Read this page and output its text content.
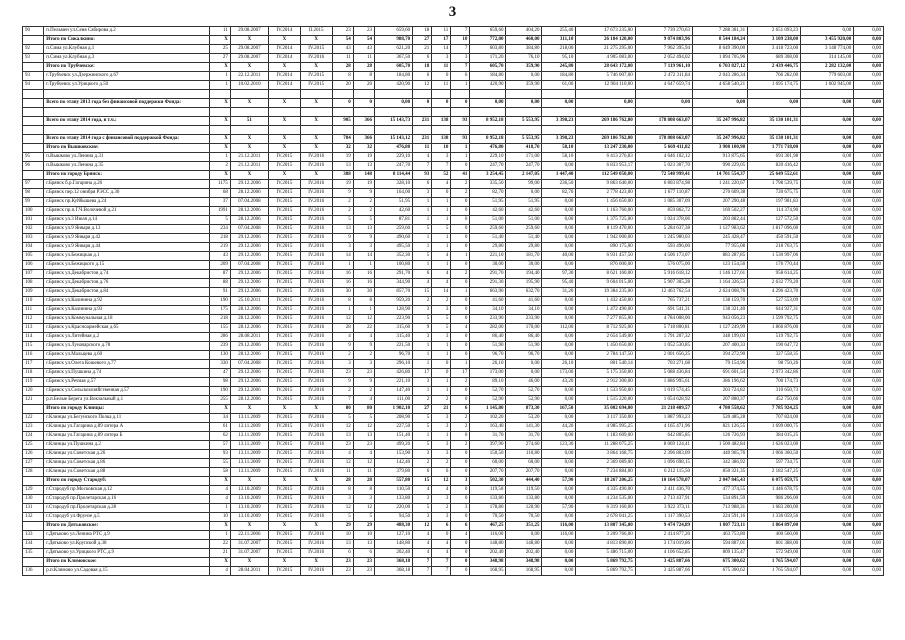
3
90	п.Пельмен ул.Сеня Сабирова д.2	11	29.08.2007	IV.2014	II.2015	23	23	659,60	18	11	7	659,60	404,20	255,40	17 673 235,00	7 739 270,63	7 288 381,31	2 651 093,23	0,00	0,00
	Итого по Сикалкино:	X	X	X	X	54	54	988,70	27	17	10	772,00	460,00	311,10	26 184 120,00	9 074 803,96	8 544 184,24	3 109 238,00	3 455 920,00	0,00
92	п.Сима ул.Клубная д.1	25	29.08.2007	IV.2014	IV.2015	43	43	621,20	21	14	7	603,80	384,80	218,00	21 275 295,00	7 962 395,94	8 649 390,00	3 418 723,00	3 148 774,00	0,00
93	п.Сима ул.Клубная д.3	27	29.08.2007	IV.2014	IV.2016	11	11	367,50	6	3	3	171,20	76,10	95,10	4 905 083,00	2 052 494,02	1 894 705,96	689 308,00	314 145,00	0,00
	Итого по Трубчевске:	X	X	X	X	28	28	605,70	18	11	7	605,70	359,90	245,80	28 643 172,00	7 119 961,10	6 703 827,12	2 439 446,75	2 282 132,00	0,00
93	г.Трубчевск ул.Дзержинского д.67	1	22.12.2011	IV.2014	IV.2015	8	8	184,80	6	0	6	184,80	0,00	184,80	5 746 007,00	2 472 311,84	2 043 286,34	766 282,00	779 603,00	0,00
94	г.Трубчевск ул.Урицкого д.50	1	10.02.2010	IV.2014	IV.2015	20	20	420,90	12	11	1	420,90	359,90	61,00	12 904 110,00	4 647 659,74	4 658 540,21	1 695 174,75	1 602 945,00	0,00

	Всего по этапу 2013 года без финансовой поддержки Фонда:	X	X	X	X	0	0	0,00	0	0	0	0,00	0,00	0,00	0,00	0,00	0,00	0,00	0,00	0,00

	Всего по этапу 2014 года, в т.ч.:	X	51	X	X	905	366	15 143,73	231	138	93	8 952,18	5 553,95	3 398,23	269 186 762,00	178 808 663,07	35 247 996,82	35 130 101,31	0,00	0,00

	Всего по этапу 2014 года с финансовой поддержкой Фонда:	X	X	X	X	784	366	15 143,12	231	138	93	8 952,18	5 553,95	3 398,23	269 186 762,00	178 808 663,07	35 247 996,82	35 130 101,31	0,00	0,00
	Итого по Вышковские:	X	X	X	X	32	32	476,80	11	10	1	476,80	418,70	58,10	13 247 230,00	5 669 411,82	3 908 100,98	1 771 718,00	0,00	0,00
95	п.Вышково ул.Ленина д.31	1	21.12.2011	IV.2015	IV.2016	19	19	229,10	4	3	1	229,10	171,00	58,10	6 413 276,83	4 646 102,12	913 875,65	693 301,98	0,00	0,00
96	п.Вышково ул.Ленина д.35	2	21.12.2011	IV.2015	IV.2016	13	13	247,70	7	7	0	247,70	247,70	0,00	6 833 953,17	5 023 307,70	990 229,05	820 416,42	0,00	0,00
	Итого по городу Брянск:	X	X	X	X	388	148	8 114,44	93	52	41	3 254,45	2 147,05	1 447,40	112 549 050,00	72 548 999,41	14 701 554,37	25 649 552,61	0,00	0,00
97	г.Брянск б.р.Гагарина д.26	1175	29.12.2006	IV.2015	IV.2016	19	19	328,10	6	4	2	335,50	99,00	236,50	9 863 640,00	6 803 874,98	1 241 220,67	1 798 539,75	0,00	0,00
98	г.Брянск пер.12 онибря РЭСС д.30	68	28.12.2006	IV.2015	IV.2016	9	9	164,00	3	0	2	82,70	0,00	82,70	2 778 423,00	1 677 110,87	270 609,38	720 675,75	0,00	0,00
99	г.Брянск пр.Куйбышева д.24	37	07.04.2008	IV.2015	IV.2016	2	2	51,95	1	1	0	51,95	51,95	0,00	1 456 650,00	1 085 307,09	207 290,48	197 981,83	0,00	0,00
100	г.Брянск пр.п.Г.Ч.Волочевой д.21	1991	28.12.2006	IV.2015	IV.2016	2	2	42,60	1	1	0	42,60	42,60	0,00	1 163 760,00	859 862,72	169 502,27	114 374,90	0,00	0,00
101	г.Брянск ул.3 Июля д.14	5	28.12.2006	IV.2015	IV.2016	5	5	87,81	1	1	0	51,00	51,00	0,00	1 375 725,00	1 024 378,06	203 882,44	127 572,50	0,00	0,00
102	г.Брянск ул.9 Января д.13	234	07.04.2008	IV.2015	IV.2016	13	13	259,60	5	5	0	259,60	259,60	0,00	8 119 470,00	5 284 637,38	1 127 983,62	1 817 096,00	0,00	0,00
103	г.Брянск ул.9 Января д.42	218	29.12.2006	IV.2015	IV.2016	9	9	490,60	1	1	0	51,40	51,40	0,00	1 942 000,00	1 245 980,03	245 428,47	450 591,50	0,00	0,00
104	г.Брянск ул.9 Января д.44	219	29.12.2006	IV.2015	IV.2016	3	3	495,50	1	1	0	29,80	29,80	0,00	890 175,00	593 496,00	77 955,08	218 763,75	0,00	0,00
105	г.Брянск ул.Бежицкая д.1	43	29.12.2006	IV.2015	IV.2016	14	14	352,30	5	4	1	221,10	181,70	40,00	6 931 457,50	4 506 173,07	883 287,85	1 530 997,06	0,00	0,00
106	г.Брянск ул.Бежицкого д.15	209	07.04.2008	IV.2015	IV.2016	1	1	100,80	1	1	0	30,00	30,00	0,00	876 000,00	576 075,00	123 154,56	176 770,44	0,00	0,00
107	г.Брянск ул.Декабристов д.74	87	29.12.2006	IV.2015	IV.2016	16	16	291,70	6	4	2	291,70	194,40	97,30	8 621 160,00	5 916 618,12	1 146 127,61	958 614,25	0,00	0,00
108	г.Брянск ул.Декабристов д.76	88	29.12.2006	IV.2015	IV.2016	16	16	344,90	4	4	0	291,30	195,90	95,40	9 604 015,00	5 907 305,28	1 164 326,53	2 632 779,20	0,00	0,00
109	г.Брянск ул.Декабристов д.84	91	29.12.2006	IV.2015	IV.2016	30	30	857,70	15	14	1	663,90	632,70	31,20	19 384 235,00	12 463 762,54	2 624 008,76	4 296 423,70	0,00	0,00
110	г.Брянск ул.Калинина д.92	190	25.10.2011	IV.2015	IV.2016	8	8	959,20	2	2	0	41,60	41,60	0,00	1 432 450,00	765 737,21	138 159,70	527 553,09	0,00	0,00
111	г.Брянск ул.Калинина д.93	175	28.12.2006	IV.2015	IV.2016	1	1	128,90	3	3	0	34,10	34,10	0,00	1 472 490,00	691 541,31	138 321,40	644 927,31	0,00	0,00
112	г.Брянск ул.Коммунальная д.18	218	28.12.2006	IV.2015	IV.2016	12	12	223,90	5	5	0	233,90	233,90	0,00	7 277 855,00	4 784 008,00	943 056,23	1 599 792,75	0,00	0,00
113	г.Брянск ул.Красноармейская д.65	155	28.12.2006	IV.2015	IV.2016	28	22	315,60	9	5	4	282,00	170,00	112,00	8 712 925,00	5 718 800,81	1 127 249,99	1 866 876,00	0,00	0,00
114	г.Брянск ул.Литейная д.2	286	28.08.2011	IV.2015	IV.2016	4	4	315,40	3	3	0	86,40	86,40	0,00	2 654 549,00	1 791 207,32	348 199,03	519 792,75	0,00	0,00
115	г.Брянск ул.Луначарского д.78	239	29.12.2006	IV.2015	IV.2016	9	9	221,50	1	1	0	51,90	51,90	0,00	1 450 650,00	1 052 530,85	207 400,33	190 647,72	0,00	0,00
116	г.Брянск ул.Мальцева д.60	130	28.12.2006	IV.2015	IV.2016	2	2	96,70	1	1	0	96,70	96,70	0,00	2 784 147,50	2 001 656,25	394 272,90	327 558,35	0,00	0,00
117	г.Брянск ул.Олега Кошевого д.77	330	07.04.2008	IV.2015	IV.2016	3	3	296,10	1	0	1	26,10	0,00	26,10	801 540,14	703 271,68	79 154,96	98 750,26	0,00	0,00
118	г.Брянск ул.Пушкина д.74	47	29.12.2006	IV.2015	IV.2016	23	23	426,80	17	0	17	173,00	0,00	173,00	5 175 350,00	5 088 436,84	691 601,54	2 973 342,86	0,00	0,00
119	г.Брянск ул.Речная д.57	98	29.12.2006	IV.2015	IV.2016	9	9	221,10	3	1	2	89,10	46,00	43,20	2 912 300,00	1 886 995,61	386 196,62	700 174,73	0,00	0,00
120	г.Брянск ул.Сельскохозяйственная д.57	190	29.12.2006	IV.2015	IV.2016	2	2	147,40	1	1	0	52,70	52,70	0,00	1 533 950,00	1 019 574,45	203 724,82	310 650,73	0,00	0,00
121	р.п.Белые Берега ул.Вокзальный д.1	255	28.12.2006	IV.2015	IV.2016	7	4	111,00	2	2	0	52,90	52,90	0,00	1 515 220,00	1 054 628,92	207 880,37	452 750,66	0,00	0,00
	Итого по городу Клинцы:	X	X	X	X	80	80	1 902,10	27	21	6	1 145,80	873,30	167,50	35 002 694,00	21 218 409,57	4 780 558,62	7 785 924,25	0,00	0,00
122	г.Клинцы ул.Бегунского Полка д.11	34	13.11.2009	IV.2015	IV.2016	5	5	208,90	5	3	2	102,20	53,20	0,00	3 117 350,00	1 887 993,23	520 485,28	707 824,00	0,00	0,00
123	г.Клинцы ул.Гагарина д.89 литера А	61	13.11.2009	IV.2015	IV.2016	12	12	227,50	5	3	2	163,40	141,30	44,20	4 985 995,25	4 165 471,96	821 126,55	1 699 000,75	0,00	0,00
124	г.Клинцы ул.Гагарина д.89 литера Б	62	13.11.2009	IV.2015	IV.2016	13	13	151,40	1	1	0	31,70	31,70	0,00	1 183 609,00	642 805,85	126 726,93	384 015,25	0,00	0,00
125	г.Клинцы ул.Пушкина д.2	57	13.11.2009	IV.2015	IV.2016	23	23	499,20	5	3	2	397,90	274,60	123,30	11 288 075,25	8 069 124,41	1 500 482,84	1 626 023,00	0,00	0,00
126	г.Клинцы ул.Советская д.26	93	13.11.2009	IV.2015	IV.2016	4	4	153,90	3	3	0	150,50	110,80	0,00	3 864 168,75	2 396 803,09	440 965,76	1 066 360,50	0,00	0,00
127	г.Клинцы ул.Советская д.86	55	13.11.2009	IV.2015	IV.2016	12	12	142,40	2	2	0	60,00	60,00	0,00	2 369 089,00	1 096 698,15	342 386,92	597 734,75	0,00	0,00
128	г.Клинцы ул.Советская д.88	58	13.11.2009	IV.2015	IV.2016	11	11	379,80	6	6	0	207,70	207,70	0,00	7 234 884,00	6 212 115,50	850 321,35	2 182 547,25	0,00	0,00
	Итого по городу Стародуб:	X	X	X	X	28	28	557,80	15	12	3	502,30	444,40	57,90	18 267 206,25	10 164 578,07	2 047 845,43	6 075 059,75	0,00	0,00
129	г.Стародуб пр.Московская д.12	4	13.10.2009	IV.2015	IV.2016	8	8	110,50	4	4	0	119,50	119,50	0,00	4 335 490,00	2 411 436,70	477 374,55	1 446 678,75	0,00	0,00
130	г.Стародуб пр.Пролетарская д.16	4	13.10.2009	IV.2015	IV.2016	3	3	133,80	3	3	0	133,80	133,80	0,00	4 234 535,00	2 713 437,91	534 891,59	986 206,00	0,00	0,00
131	г.Стародуб пр.Пролетарская д.28	1	13.10.2009	IV.2015	IV.2016	12	12	220,00	5	2	3	178,80	120,90	57,90	6 319 160,00	3 922 373,11	713 988,31	1 683 200,00	0,00	0,00
132	г.Стародуб ул.Фрунзе д.5	10	13.10.2009	IV.2015	IV.2016	5	5	94,50	3	3	0	70,50	70,50	0,00	2 678 041,25	1 117 390,53	224 591,16	1 336 059,56	0,00	0,00
	Итого по Дятьковское:	X	X	X	X	29	29	488,30	12	6	6	467,25	351,25	116,00	13 807 345,00	9 474 724,89	1 807 723,11	1 864 897,00	0,00	0,00
133	г.Дятьково ул.Ленина РТС д.9	1	22.11.2006	IV.2015	IV.2016	10	10	127,10	4	0	4	116,00	0,00	116,00	3 209 766,00	2 414 877,20	463 753,80	400 560,00	0,00	0,00
134	г.Дятьково ул.Крупской д.38	22	31.07.2007	IV.2015	IV.2016	13	13	148,80	4	4	0	148,80	148,80	0,00	4 813 890,00	3 174 019,86	594 887,01	801 388,00	0,00	0,00
135	г.Дятьково ул.Урицкого РТС д.9	21	31.07.2007	IV.2015	IV.2016	6	6	202,40	4	4	0	202,40	202,40	0,00	5 486 715,00	4 106 652,85	809 135,47	572 949,00	0,00	0,00
	Итого по Климовское:	X	X	X	X	23	23	368,18	7	7	0	348,98	348,98	0,00	5 869 792,75	3 425 887,66	675 300,62	1 765 594,07	0,00	0,00
136	р.п.Климово ул.Садовая д.15	4	28.04.2011	IV.2015	IV.2016	23	23	368,18	7	7	0	168,95	168,95	0,00	5 869 792,75	3 425 887,66	675 300,62	1 765 594,07	0,00	0,00
